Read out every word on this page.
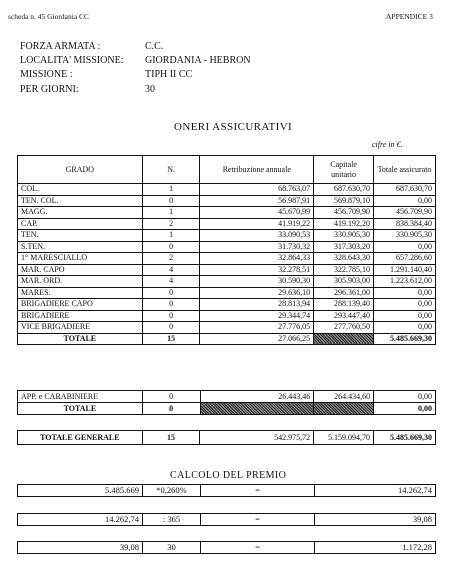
scheda n. 45 Giordania CC	APPENDICE 3
FORZA ARMATA :	C.C.
LOCALITA' MISSIONE: GIORDANIA - HEBRON
MISSIONE :	TIPH II CC
PER GIORNI:	30
ONERI ASSICURATIVI
cifre in €.
GRADO	N.	Retribuzione annuale	Capitale unitario	Totale assicurato
COL.	1	68.763,07	687.630,70	687.630,70
TEN. COL.	0	56.987,91	569.879,10	0,00
MAGG.	1	45.670,99	456.709,90	456.709,90
CAP.	2	41.919,22	419.192,20	838.384,40
TEN.	1	33.090,53	330.905,30	330.905,30
S.TEN.	0	31.730,32	317.303,20	0,00
1° MARESCIALLO	2	32.864,33	328.643,30	657.286,60
MAR. CAPO	4	32.278,51	322.785,10	1.291.140,40
MAR. ORD.	4	30.590,30	305.903,00	1.223.612,00
MARES.	0	29.636,10	296.361,00	0,00
BRIGADIERE CAPO	0	28.813,94	288.139,40	0,00
BRIGADIERE	0	29.344,74	293.447,40	0,00
VICE BRIGADIERE	0	27.776,05	277.760,50	0,00
TOTALE	15	27.066,25		5.485.669,30
APP. e CARABINIERE	0	26.443,46	264.434,60	0,00
TOTALE	0			0,00
TOTALE GENERALE	15	542.975,72	5.159.094,70	5.485.669,30
CALCOLO DEL PREMIO
5.485.669	*0,260%	=	14.262,74
14.262,74	: 365	=	39,08
39,08	30	=	1.172,28
